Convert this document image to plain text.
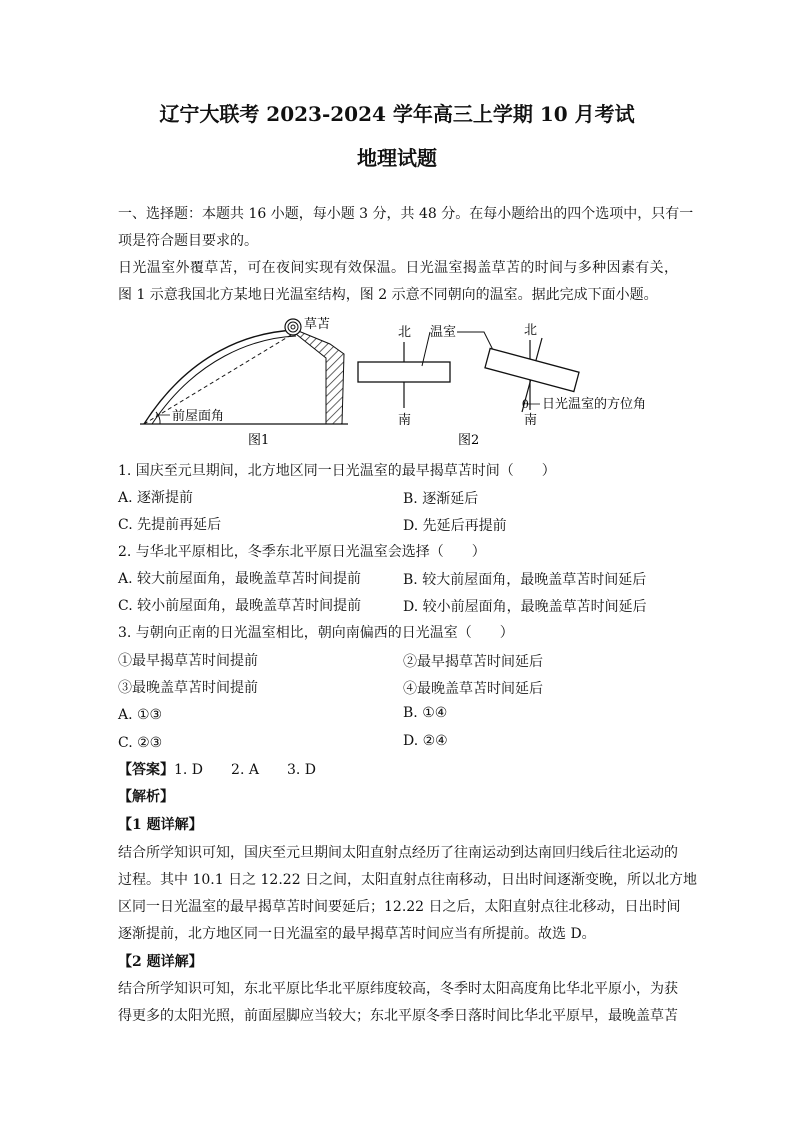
辽宁大联考 2023-2024 学年高三上学期 10 月考试
地理试题
一、选择题：本题共 16 小题，每小题 3 分，共 48 分。在每小题给出的四个选项中，只有一
项是符合题目要求的。
日光温室外覆草苫，可在夜间实现有效保温。日光温室揭盖草苫的时间与多种因素有关，
图 1 示意我国北方某地日光温室结构，图 2 示意不同朝向的温室。据此完成下面小题。
草苫
前屋面角
图1
北
南
温室	北
θ 日光温室的方位角
南
图2
1. 国庆至元旦期间，北方地区同一日光温室的最早揭草苫时间（　　）
A. 逐渐提前	B. 逐渐延后
C. 先提前再延后	D. 先延后再提前
2. 与华北平原相比，冬季东北平原日光温室会选择（　　）
A. 较大前屋面角，最晚盖草苫时间提前	B. 较大前屋面角，最晚盖草苫时间延后
C. 较小前屋面角，最晚盖草苫时间提前	D. 较小前屋面角，最晚盖草苫时间延后
3. 与朝向正南的日光温室相比，朝向南偏西的日光温室（　　）
①最早揭草苫时间提前	②最早揭草苫时间延后
③最晚盖草苫时间提前	④最晚盖草苫时间延后
A. ①③	B. ①④
C. ②③	D. ②④
【答案】1. D 2. A 3. D
【解析】
【1 题详解】
结合所学知识可知，国庆至元旦期间太阳直射点经历了往南运动到达南回归线后往北运动的
过程。其中 10.1 日之 12.22 日之间，太阳直射点往南移动，日出时间逐渐变晚，所以北方地
区同一日光温室的最早揭草苫时间要延后；12.22 日之后，太阳直射点往北移动，日出时间
逐渐提前，北方地区同一日光温室的最早揭草苫时间应当有所提前。故选 D。
【2 题详解】
结合所学知识可知，东北平原比华北平原纬度较高，冬季时太阳高度角比华北平原小，为获
得更多的太阳光照，前面屋脚应当较大；东北平原冬季日落时间比华北平原早，最晚盖草苫
